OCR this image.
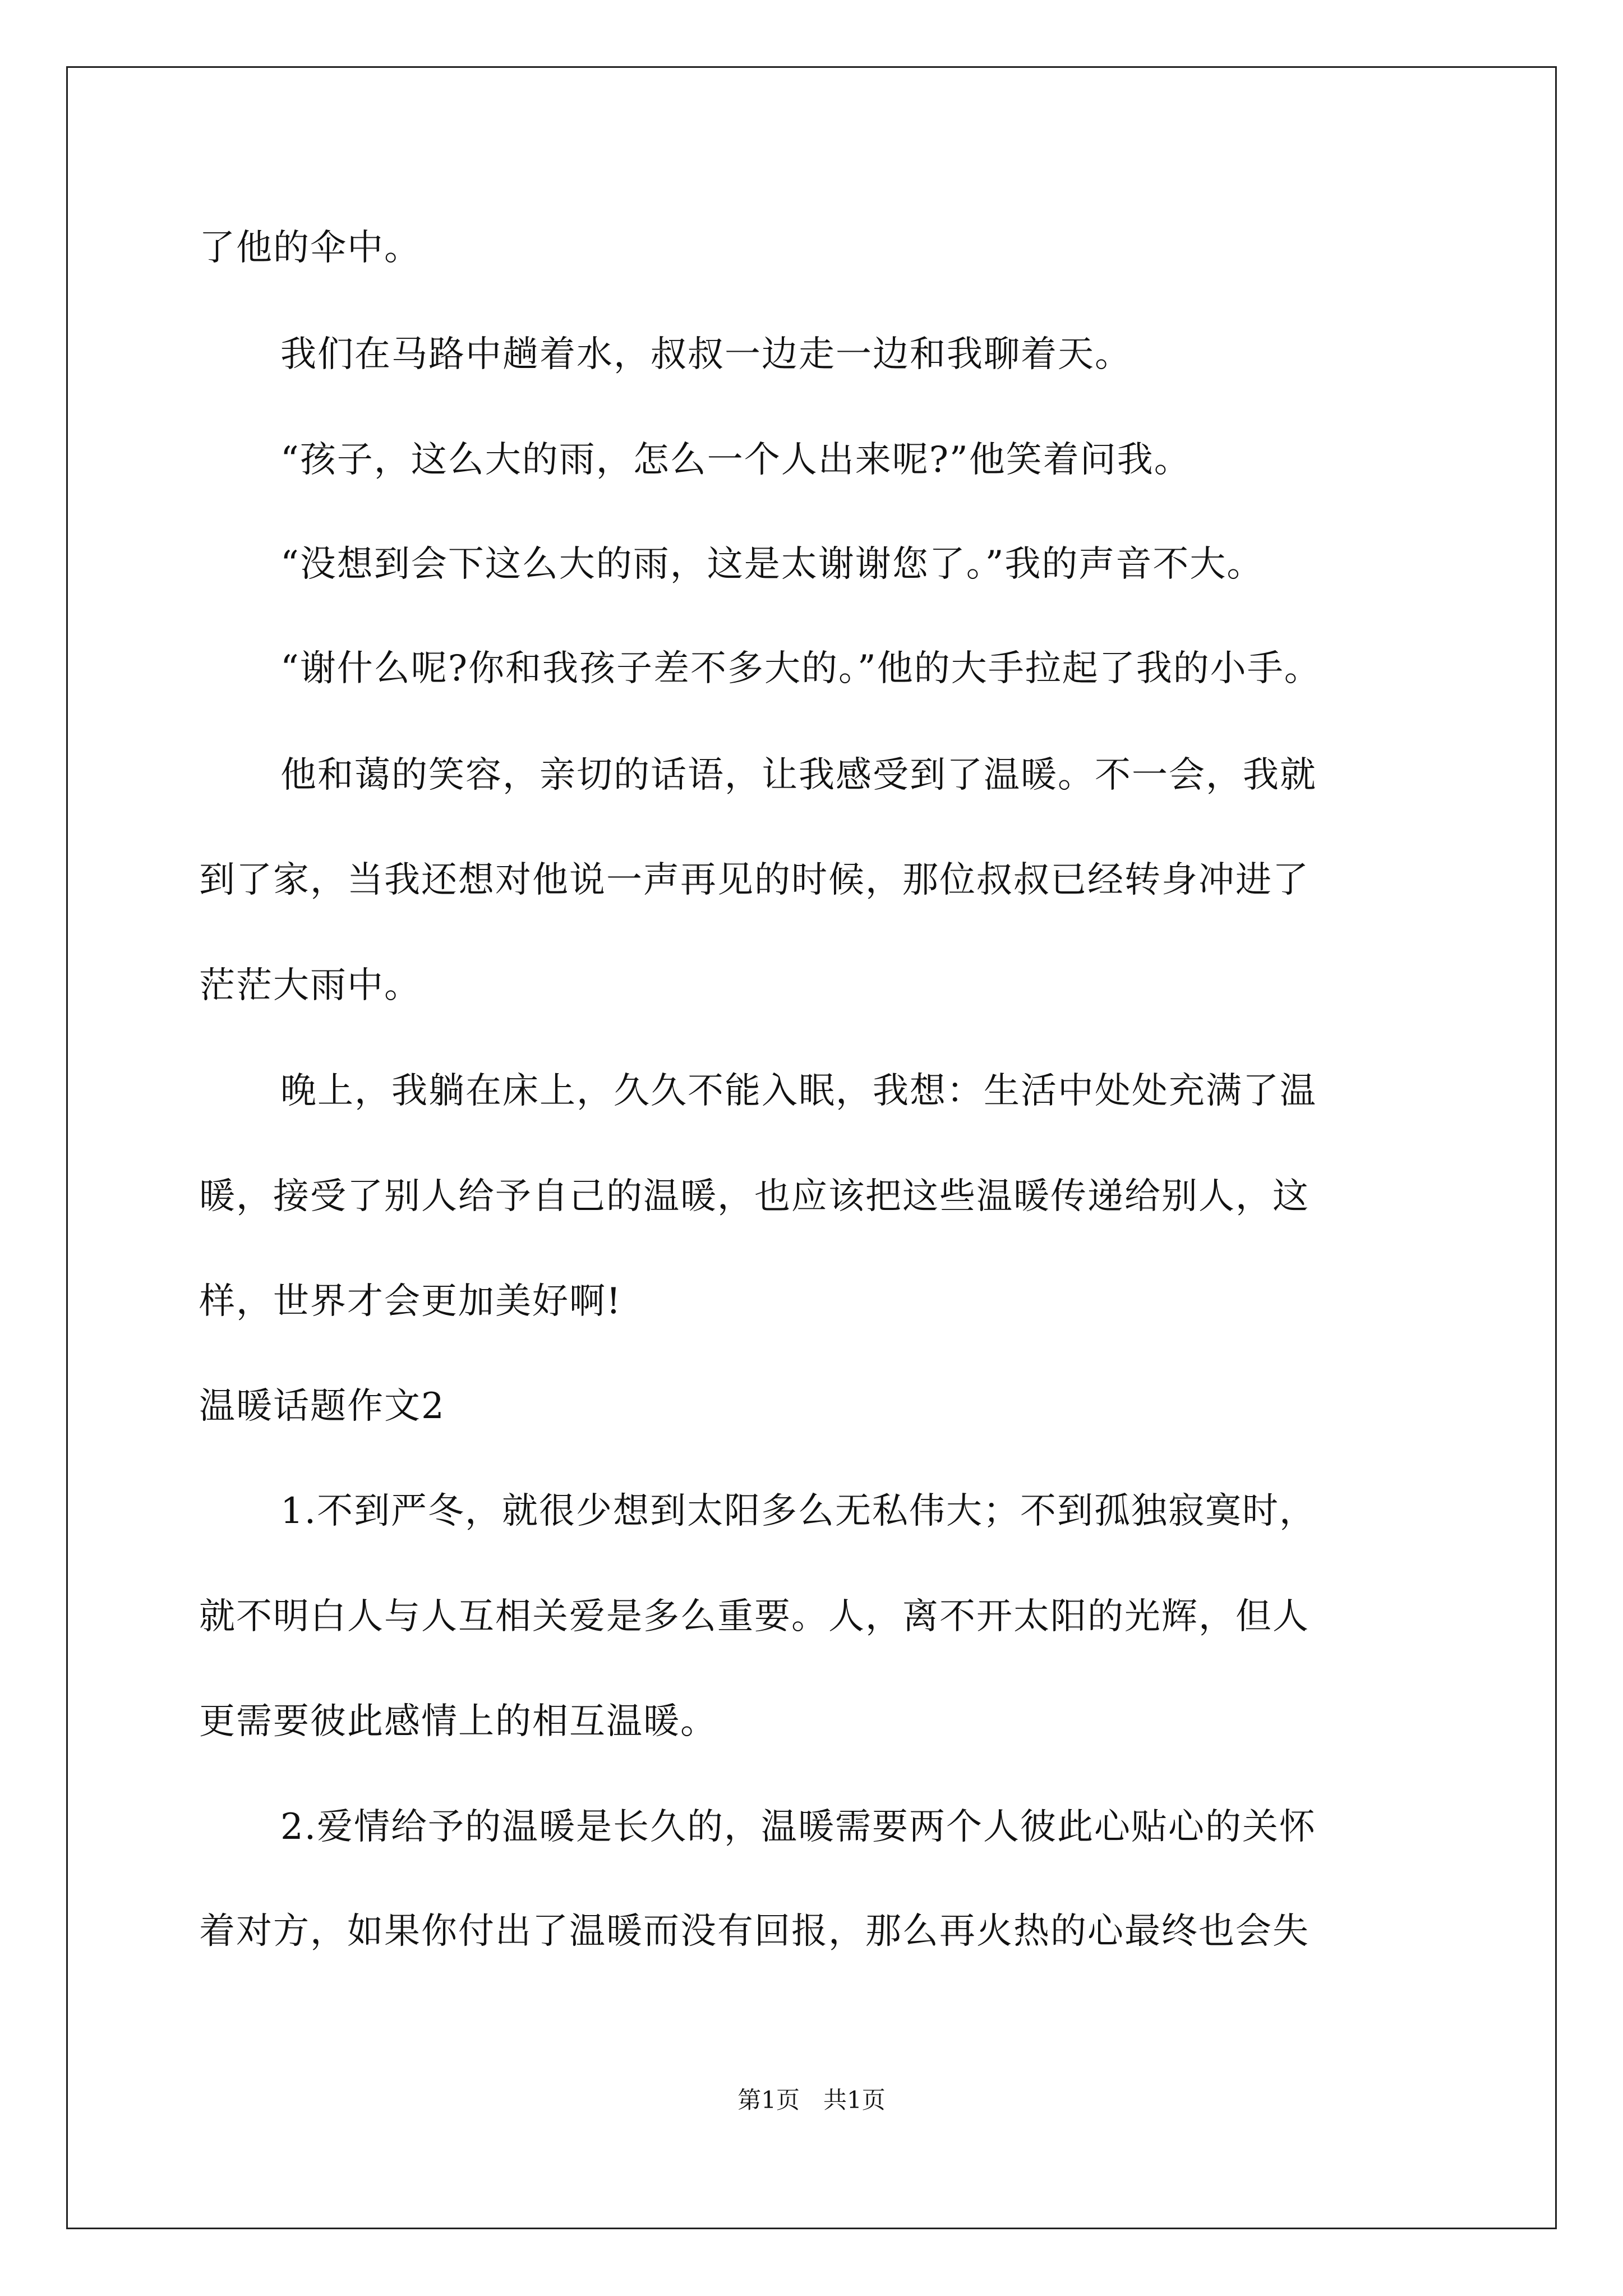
了他的伞中。
我们在马路中趟着水，叔叔一边走一边和我聊着天。
“孩子，这么大的雨，怎么一个人出来呢?”他笑着问我。
“没想到会下这么大的雨，这是太谢谢您了。”我的声音不大。
“谢什么呢?你和我孩子差不多大的。”他的大手拉起了我的小手。
他和蔼的笑容，亲切的话语，让我感受到了温暖。不一会，我就
到了家，当我还想对他说一声再见的时候，那位叔叔已经转身冲进了
茫茫大雨中。
晚上，我躺在床上，久久不能入眠，我想：生活中处处充满了温
暖，接受了别人给予自己的温暖，也应该把这些温暖传递给别人，这
样，世界才会更加美好啊!
温暖话题作文2
1.不到严冬，就很少想到太阳多么无私伟大；不到孤独寂寞时，
就不明白人与人互相关爱是多么重要。人，离不开太阳的光辉，但人
更需要彼此感情上的相互温暖。
2.爱情给予的温暖是长久的，温暖需要两个人彼此心贴心的关怀
着对方，如果你付出了温暖而没有回报，那么再火热的心最终也会失
第1页　共1页
